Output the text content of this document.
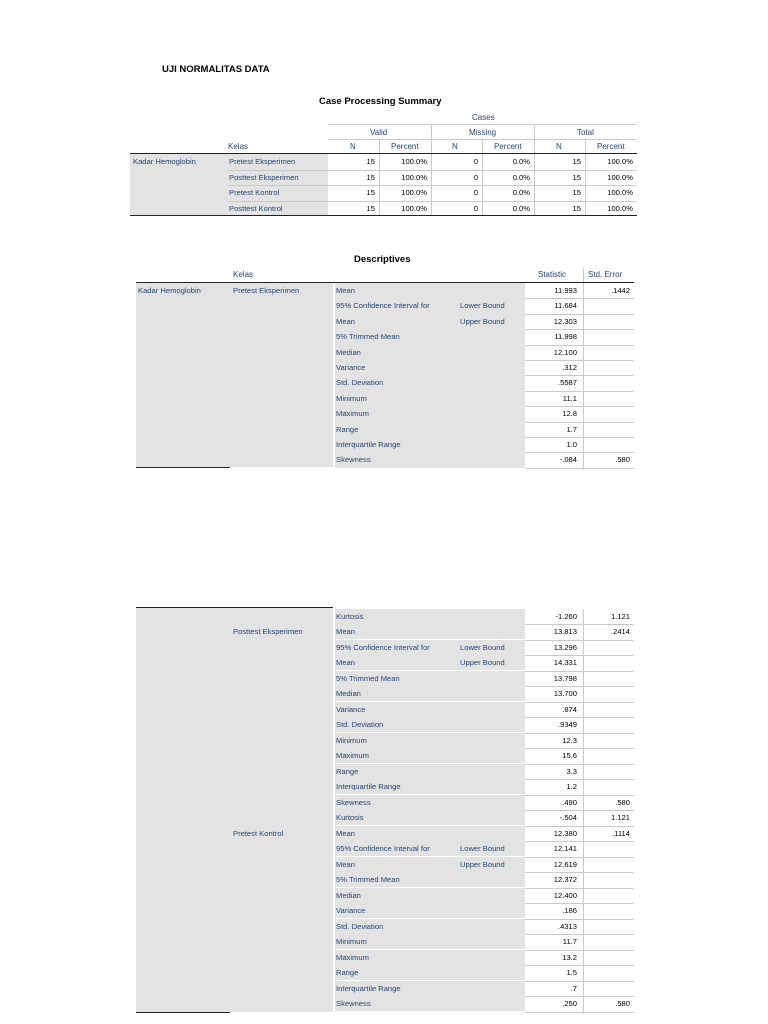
UJI NORMALITAS DATA
Case Processing Summary
Cases
Valid	Missing	Total
Kelas	N	Percent	N	Percent	N	Percent
Kadar Hemoglobin	Pretest Eksperimen	15	100.0%	0	0.0%	15	100.0%
Posttest Eksperimen	15	100.0%	0	0.0%	15	100.0%
Pretest Kontrol	15	100.0%	0	0.0%	15	100.0%
Posttest Kontrol	15	100.0%	0	0.0%	15	100.0%
Descriptives
Kelas	Statistic	Std. Error
Kadar Hemoglobin	Pretest Eksperimen	Mean	11.993	.1442
95% Confidence Interval for	Lower Bound	11.684
Mean	Upper Bound	12.303
5% Trimmed Mean	11.998
Median	12.100
Variance	.312
Std. Deviation	.5587
Minimum	11.1
Maximum	12.8
Range	1.7
Interquartile Range	1.0
Skewness	-.084	.580
Kurtosis	-1.260	1.121
Posttest Eksperimen	Mean	13.813	.2414
95% Confidence Interval for	Lower Bound	13.296
Mean	Upper Bound	14.331
5% Trimmed Mean	13.798
Median	13.700
Variance	.874
Std. Deviation	.9349
Minimum	12.3
Maximum	15.6
Range	3.3
Interquartile Range	1.2
Skewness	.490	.580
Kurtosis	-.504	1.121
Pretest Kontrol	Mean	12.380	.1114
95% Confidence Interval for	Lower Bound	12.141
Mean	Upper Bound	12.619
5% Trimmed Mean	12.372
Median	12.400
Variance	.186
Std. Deviation	.4313
Minimum	11.7
Maximum	13.2
Range	1.5
Interquartile Range	.7
Skewness	.250	.580
